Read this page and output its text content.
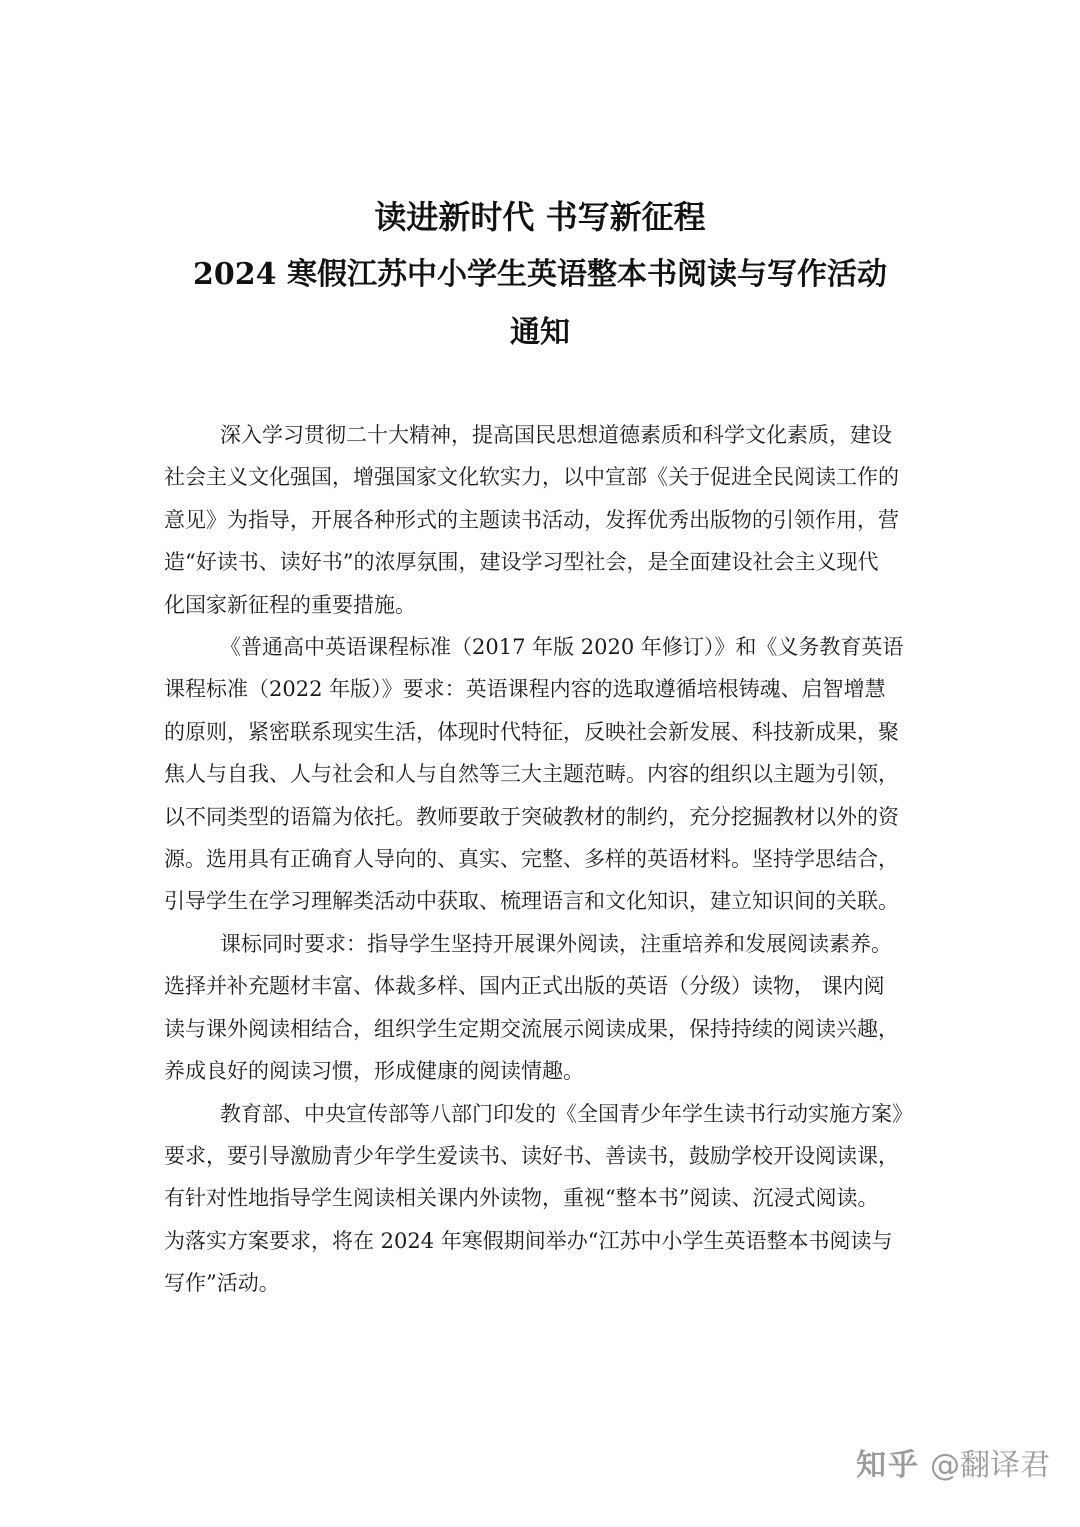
读进新时代 书写新征程
2024 寒假江苏中小学生英语整本书阅读与写作活动
通知

深入学习贯彻二十大精神，提高国民思想道德素质和科学文化素质，建设
社会主义文化强国，增强国家文化软实力，以中宣部《关于促进全民阅读工作的
意见》为指导，开展各种形式的主题读书活动，发挥优秀出版物的引领作用，营
造“好读书、读好书”的浓厚氛围，建设学习型社会，是全面建设社会主义现代
化国家新征程的重要措施。

《普通高中英语课程标准（2017 年版 2020 年修订）》和《义务教育英语
课程标准（2022 年版）》要求：英语课程内容的选取遵循培根铸魂、启智增慧
的原则，紧密联系现实生活，体现时代特征，反映社会新发展、科技新成果，聚
焦人与自我、人与社会和人与自然等三大主题范畴。内容的组织以主题为引领，
以不同类型的语篇为依托。教师要敢于突破教材的制约，充分挖掘教材以外的资
源。选用具有正确育人导向的、真实、完整、多样的英语材料。坚持学思结合，
引导学生在学习理解类活动中获取、梳理语言和文化知识，建立知识间的关联。

课标同时要求：指导学生坚持开展课外阅读，注重培养和发展阅读素养。
选择并补充题材丰富、体裁多样、国内正式出版的英语（分级）读物， 课内阅
读与课外阅读相结合，组织学生定期交流展示阅读成果，保持持续的阅读兴趣，
养成良好的阅读习惯，形成健康的阅读情趣。

教育部、中央宣传部等八部门印发的《全国青少年学生读书行动实施方案》
要求，要引导激励青少年学生爱读书、读好书、善读书，鼓励学校开设阅读课，
有针对性地指导学生阅读相关课内外读物，重视“整本书”阅读、沉浸式阅读。
为落实方案要求，将在 2024 年寒假期间举办“江苏中小学生英语整本书阅读与
写作”活动。

知乎 @翻译君
